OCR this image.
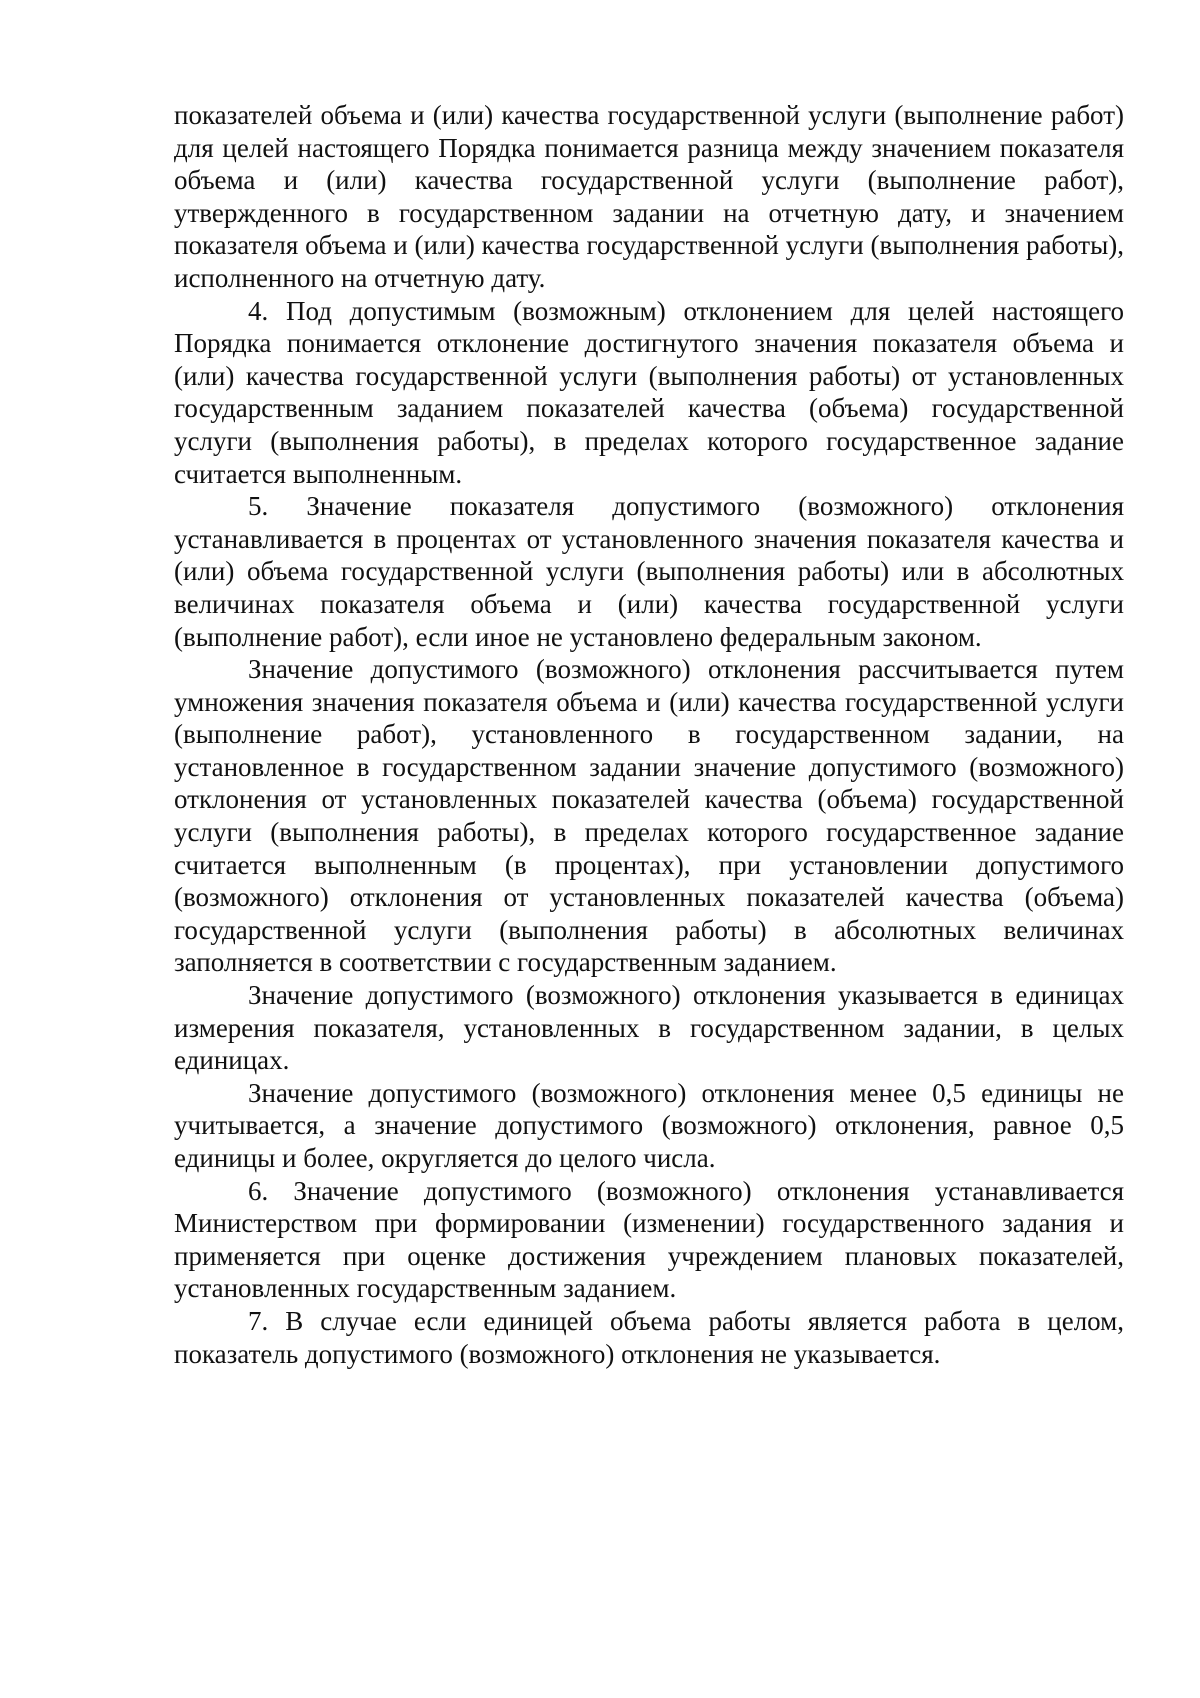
показателей объема и (или) качества государственной услуги (выполнение работ) для целей настоящего Порядка понимается разница между значением показателя объема и (или) качества государственной услуги (выполнение работ), утвержденного в государственном задании на отчетную дату, и значением показателя объема и (или) качества государственной услуги (выполнения работы), исполненного на отчетную дату.

4. Под допустимым (возможным) отклонением для целей настоящего Порядка понимается отклонение достигнутого значения показателя объема и (или) качества государственной услуги (выполнения работы) от установленных государственным заданием показателей качества (объема) государственной услуги (выполнения работы), в пределах которого государственное задание считается выполненным.

5. Значение показателя допустимого (возможного) отклонения устанавливается в процентах от установленного значения показателя качества и (или) объема государственной услуги (выполнения работы) или в абсолютных величинах показателя объема и (или) качества государственной услуги (выполнение работ), если иное не установлено федеральным законом.

Значение допустимого (возможного) отклонения рассчитывается путем умножения значения показателя объема и (или) качества государственной услуги (выполнение работ), установленного в государственном задании, на установленное в государственном задании значение допустимого (возможного) отклонения от установленных показателей качества (объема) государственной услуги (выполнения работы), в пределах которого государственное задание считается выполненным (в процентах), при установлении допустимого (возможного) отклонения от установленных показателей качества (объема) государственной услуги (выполнения работы) в абсолютных величинах заполняется в соответствии с государственным заданием.

Значение допустимого (возможного) отклонения указывается в единицах измерения показателя, установленных в государственном задании, в целых единицах.

Значение допустимого (возможного) отклонения менее 0,5 единицы не учитывается, а значение допустимого (возможного) отклонения, равное 0,5 единицы и более, округляется до целого числа.

6. Значение допустимого (возможного) отклонения устанавливается Министерством при формировании (изменении) государственного задания и применяется при оценке достижения учреждением плановых показателей, установленных государственным заданием.

7. В случае если единицей объема работы является работа в целом, показатель допустимого (возможного) отклонения не указывается.
